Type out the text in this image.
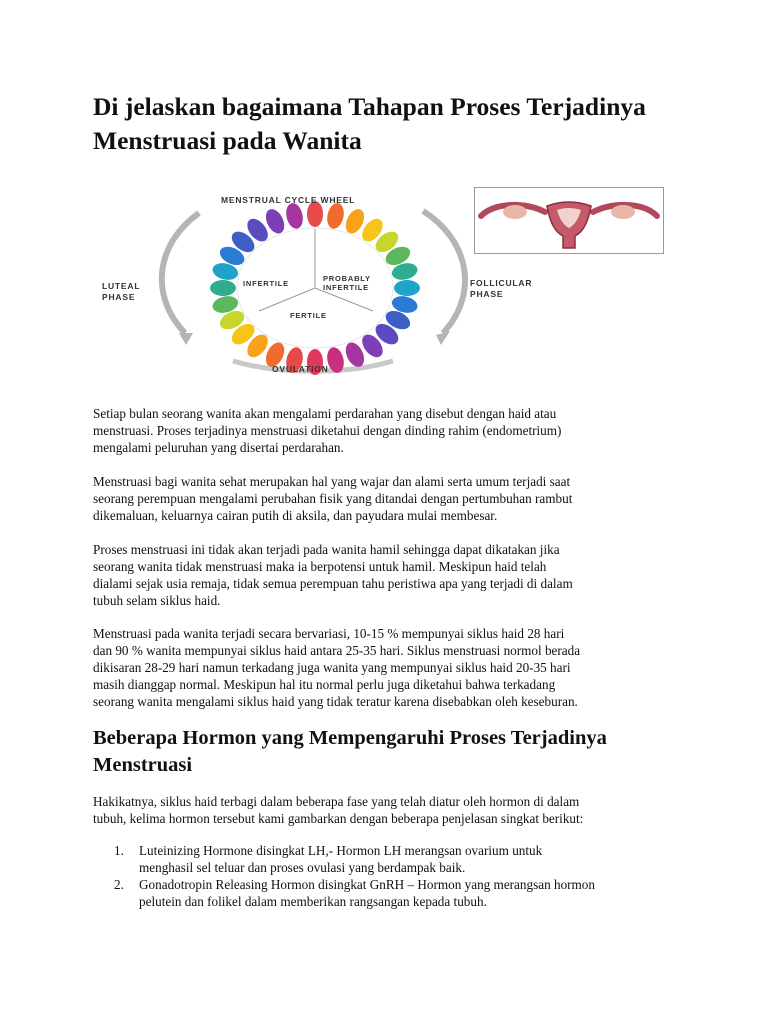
Di jelaskan bagaimana Tahapan Proses Terjadinya Menstruasi pada Wanita
MENSTRUAL CYCLE WHEEL
LUTEAL
PHASE
FOLLICULAR
PHASE
OVULATION
INFERTILE
PROBABLY
INFERTILE
FERTILE
Setiap bulan seorang wanita akan mengalami perdarahan yang disebut dengan haid atau
menstruasi. Proses terjadinya menstruasi diketahui dengan dinding rahim (endometrium)
mengalami peluruhan yang disertai perdarahan.
Menstruasi bagi wanita sehat merupakan hal yang wajar dan alami serta umum terjadi saat
seorang perempuan mengalami perubahan fisik yang ditandai dengan pertumbuhan rambut
dikemaluan, keluarnya cairan putih di aksila, dan payudara mulai membesar.
Proses menstruasi ini tidak akan terjadi pada wanita hamil sehingga dapat dikatakan jika
seorang wanita tidak menstruasi maka ia berpotensi untuk hamil. Meskipun haid telah
dialami sejak usia remaja, tidak semua perempuan tahu peristiwa apa yang terjadi di dalam
tubuh selam siklus haid.
Menstruasi pada wanita terjadi secara bervariasi, 10-15 % mempunyai siklus haid 28 hari
dan 90 % wanita mempunyai siklus haid antara 25-35 hari. Siklus menstruasi normol berada
dikisaran 28-29 hari namun terkadang juga wanita yang mempunyai siklus haid 20-35 hari
masih dianggap normal. Meskipun hal itu normal perlu juga diketahui bahwa terkadang
seorang wanita mengalami siklus haid yang tidak teratur karena disebabkan oleh keseburan.
Beberapa Hormon yang Mempengaruhi Proses Terjadinya Menstruasi
Hakikatnya, siklus haid terbagi dalam beberapa fase yang telah diatur oleh hormon di dalam
tubuh, kelima hormon tersebut kami gambarkan dengan beberapa penjelasan singkat berikut:
1. Luteinizing Hormone disingkat LH,- Hormon LH merangsan ovarium untuk
menghasil sel teluar dan proses ovulasi yang berdampak baik.
2. Gonadotropin Releasing Hormon disingkat GnRH – Hormon yang merangsan hormon
pelutein dan folikel dalam memberikan rangsangan kepada tubuh.
